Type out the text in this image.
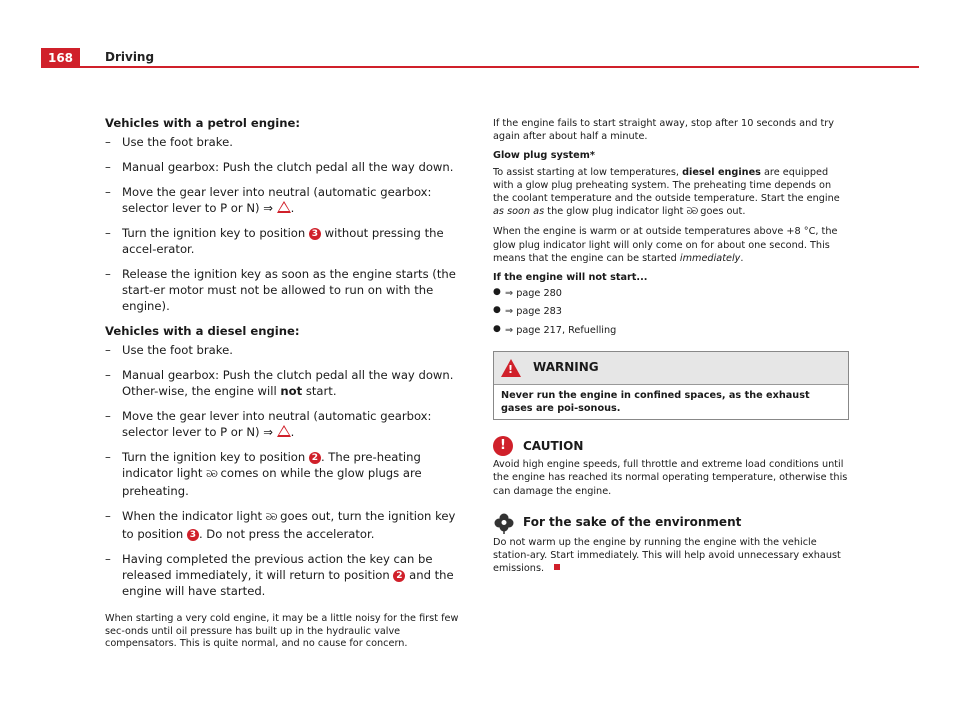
168	Driving
Vehicles with a petrol engine:
– Use the foot brake.
– Manual gearbox: Push the clutch pedal all the way down.
– Move the gear lever into neutral (automatic gearbox: selector lever to P or N) ⇒ .
– Turn the ignition key to position 3 without pressing the accel-erator.
– Release the ignition key as soon as the engine starts (the start-er motor must not be allowed to run on with the engine).
Vehicles with a diesel engine:
– Use the foot brake.
– Manual gearbox: Push the clutch pedal all the way down. Other-wise, the engine will not start.
– Move the gear lever into neutral (automatic gearbox: selector lever to P or N) ⇒ .
– Turn the ignition key to position 2 . The pre-heating indicator light ᘐᘐ comes on while the glow plugs are preheating.
– When the indicator light ᘐᘐ goes out, turn the ignition key to position 3 . Do not press the accelerator.
– Having completed the previous action the key can be released immediately, it will return to position 2 and the engine will have started.
When starting a very cold engine, it may be a little noisy for the first few sec-onds until oil pressure has built up in the hydraulic valve compensators. This is quite normal, and no cause for concern.
If the engine fails to start straight away, stop after 10 seconds and try again after about half a minute.
Glow plug system*
To assist starting at low temperatures, diesel engines are equipped with a glow plug preheating system. The preheating time depends on the coolant temperature and the outside temperature. Start the engine as soon as the glow plug indicator light ᘐᘐ goes out.
When the engine is warm or at outside temperatures above +8 °C, the glow plug indicator light will only come on for about one second. This means that the engine can be started immediately.
If the engine will not start...
● ⇒ page 280
● ⇒ page 283
● ⇒ page 217, Refuelling
! WARNING
Never run the engine in confined spaces, as the exhaust gases are poi-sonous.
!	CAUTION
Avoid high engine speeds, full throttle and extreme load conditions until the engine has reached its normal operating temperature, otherwise this can damage the engine.
For the sake of the environment
Do not warm up the engine by running the engine with the vehicle station-ary. Start immediately. This will help avoid unnecessary exhaust emissions.
